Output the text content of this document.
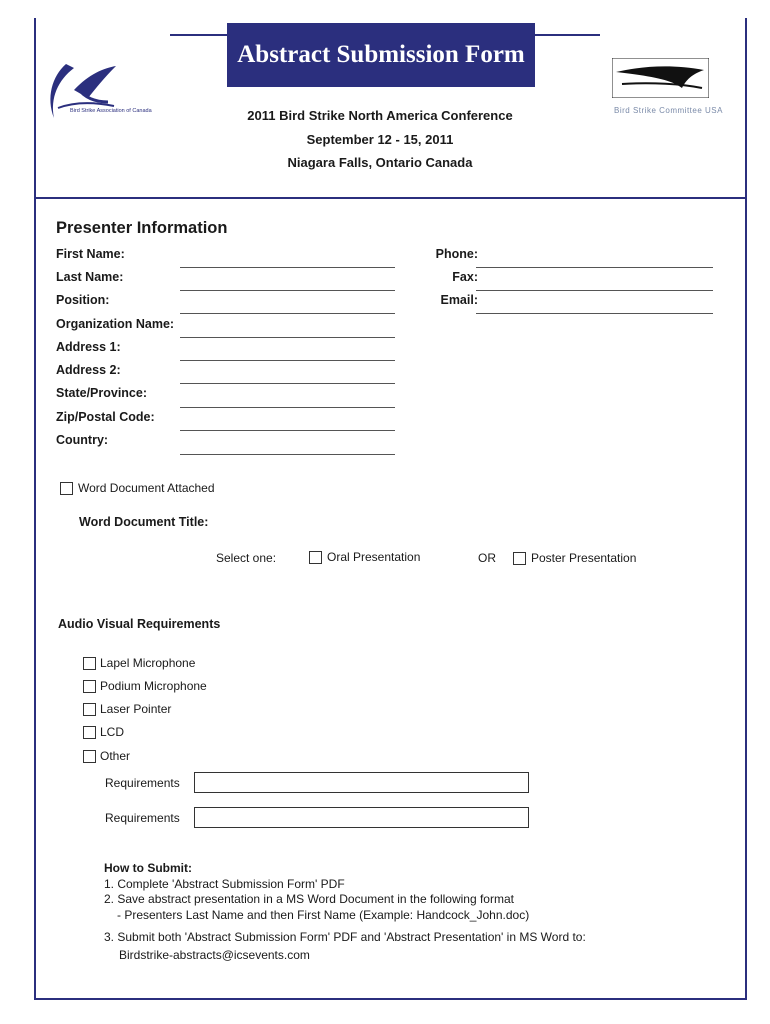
Abstract Submission Form
Bird Strike Association of Canada	Bird Strike Committee USA
2011 Bird Strike North America Conference
September 12 - 15, 2011
Niagara Falls, Ontario Canada
Presenter Information
First Name:
Last Name:
Position:
Organization Name:
Address 1:
Address 2:
State/Province:
Zip/Postal Code:
Country:
Phone:
Fax:
Email:
Word Document Attached
Word Document Title:
Select one:	Oral Presentation	OR	Poster Presentation
Audio Visual Requirements
Lapel Microphone
Podium Microphone
Laser Pointer
LCD
Other
Requirements
Requirements
How to Submit:
1. Complete 'Abstract Submission Form' PDF
2. Save abstract presentation in a MS Word Document in the following format
- Presenters Last Name and then First Name (Example: Handcock_John.doc)
3. Submit both 'Abstract Submission Form' PDF and 'Abstract Presentation' in MS Word to:
Birdstrike-abstracts@icsevents.com
